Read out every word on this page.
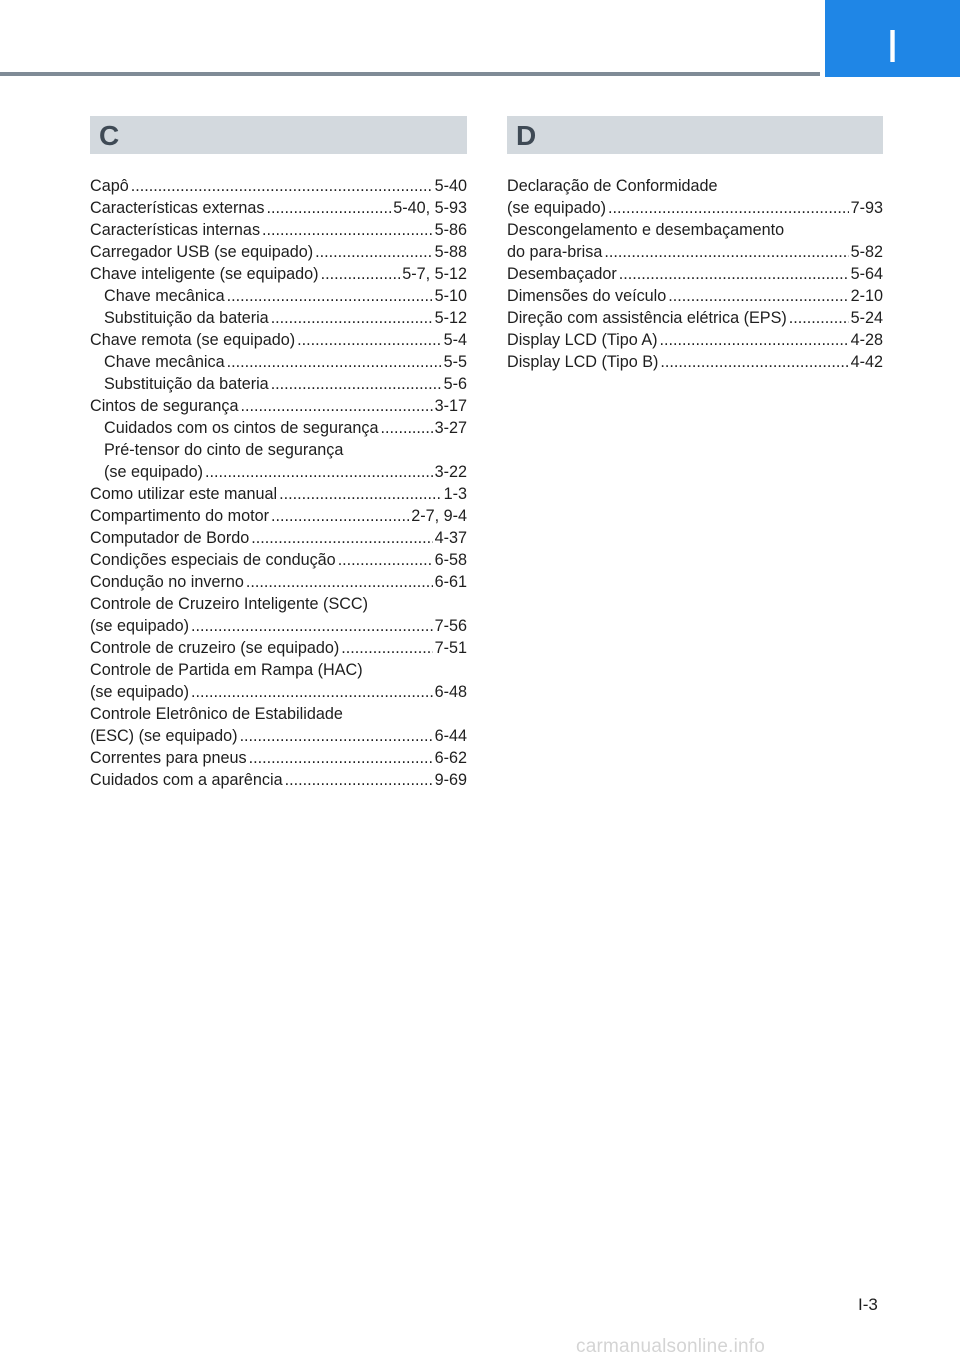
I
C
Capô .....	5-40
Características externas .....	5-40, 5-93
Características internas .....	5-86
Carregador USB (se equipado) .....	5-88
Chave inteligente (se equipado) .....	5-7, 5-12
Chave mecânica .....	5-10
Substituição da bateria .....	5-12
Chave remota (se equipado) .....	5-4
Chave mecânica .....	5-5
Substituição da bateria .....	5-6
Cintos de segurança .....	3-17
Cuidados com os cintos de segurança .....	3-27
Pré-tensor do cinto de segurança
(se equipado) .....	3-22
Como utilizar este manual .....	1-3
Compartimento do motor .....	2-7, 9-4
Computador de Bordo .....	4-37
Condições especiais de condução .....	6-58
Condução no inverno .....	6-61
Controle de Cruzeiro Inteligente (SCC)
(se equipado) .....	7-56
Controle de cruzeiro (se equipado) .....	7-51
Controle de Partida em Rampa (HAC)
(se equipado) .....	6-48
Controle Eletrônico de Estabilidade
(ESC) (se equipado) .....	6-44
Correntes para pneus .....	6-62
Cuidados com a aparência .....	9-69
D
Declaração de Conformidade
(se equipado) .....	7-93
Descongelamento e desembaçamento
do para-brisa .....	5-82
Desembaçador .....	5-64
Dimensões do veículo .....	2-10
Direção com assistência elétrica (EPS) .....	5-24
Display LCD (Tipo A) .....	4-28
Display LCD (Tipo B) .....	4-42
I-3
carmanualsonline.info
